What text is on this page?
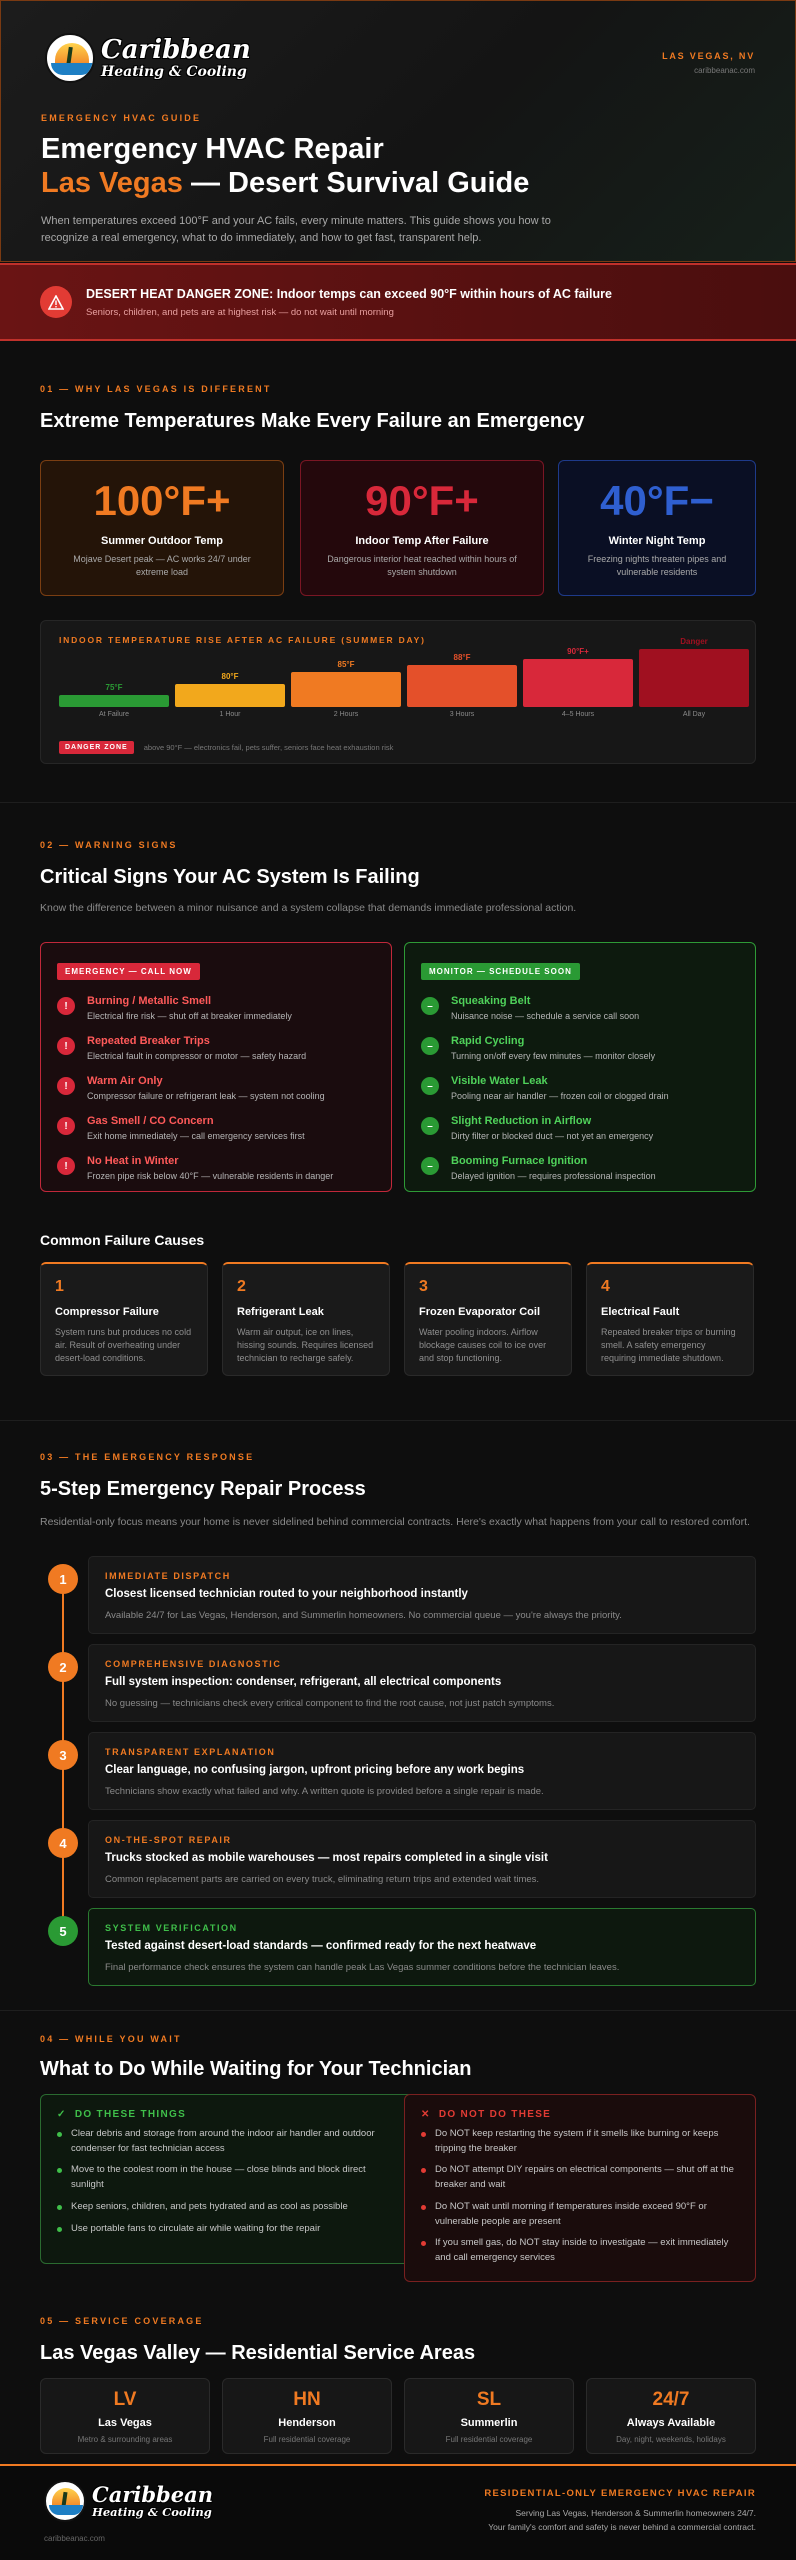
Caribbean
Heating & Cooling
LAS VEGAS, NV
caribbeanac.com
EMERGENCY HVAC GUIDE
Emergency HVAC Repair
Las Vegas — Desert Survival Guide

When temperatures exceed 100°F and your AC fails, every minute matters. This guide shows you how to recognize a real emergency, what to do immediately, and how to get fast, transparent help.

DESERT HEAT DANGER ZONE: Indoor temps can exceed 90°F within hours of AC failure
Seniors, children, and pets are at highest risk — do not wait until morning
01 — WHY LAS VEGAS IS DIFFERENT
Extreme Temperatures Make Every Failure an Emergency
100°F+
Summer Outdoor Temp
Mojave Desert peak — AC works 24/7 under extreme load
90°F+
Indoor Temp After Failure
Dangerous interior heat reached within hours of system shutdown
40°F−
Winter Night Temp
Freezing nights threaten pipes and vulnerable residents
INDOOR TEMPERATURE RISE AFTER AC FAILURE (SUMMER DAY)
75°F
At Failure
80°F
1 Hour
85°F
2 Hours
88°F
3 Hours
90°F+
4–5 Hours
Danger
All Day
DANGER ZONE	above 90°F — electronics fail, pets suffer, seniors face heat exhaustion risk
02 — WARNING SIGNS
Critical Signs Your AC System Is Failing
Know the difference between a minor nuisance and a system collapse that demands immediate professional action.
EMERGENCY — CALL NOW
!	Burning / Metallic Smell
Electrical fire risk — shut off at breaker immediately
!	Repeated Breaker Trips
Electrical fault in compressor or motor — safety hazard
!	Warm Air Only
Compressor failure or refrigerant leak — system not cooling
!	Gas Smell / CO Concern
Exit home immediately — call emergency services first
!	No Heat in Winter
Frozen pipe risk below 40°F — vulnerable residents in danger
MONITOR — SCHEDULE SOON
–	Squeaking Belt
Nuisance noise — schedule a service call soon
–	Rapid Cycling
Turning on/off every few minutes — monitor closely
–	Visible Water Leak
Pooling near air handler — frozen coil or clogged drain
–	Slight Reduction in Airflow
Dirty filter or blocked duct — not yet an emergency
–	Booming Furnace Ignition
Delayed ignition — requires professional inspection
Common Failure Causes
1
Compressor Failure
System runs but produces no cold air. Result of overheating under desert-load conditions.
2
Refrigerant Leak
Warm air output, ice on lines, hissing sounds. Requires licensed technician to recharge safely.
3
Frozen Evaporator Coil
Water pooling indoors. Airflow blockage causes coil to ice over and stop functioning.
4
Electrical Fault
Repeated breaker trips or burning smell. A safety emergency requiring immediate shutdown.
03 — THE EMERGENCY RESPONSE
5-Step Emergency Repair Process
Residential-only focus means your home is never sidelined behind commercial contracts. Here's exactly what happens from your call to restored comfort.
1	IMMEDIATE DISPATCH
Closest licensed technician routed to your neighborhood instantly
Available 24/7 for Las Vegas, Henderson, and Summerlin homeowners. No commercial queue — you're always the priority.
2	COMPREHENSIVE DIAGNOSTIC
Full system inspection: condenser, refrigerant, all electrical components
No guessing — technicians check every critical component to find the root cause, not just patch symptoms.
3	TRANSPARENT EXPLANATION
Clear language, no confusing jargon, upfront pricing before any work begins
Technicians show exactly what failed and why. A written quote is provided before a single repair is made.
4	ON-THE-SPOT REPAIR
Trucks stocked as mobile warehouses — most repairs completed in a single visit
Common replacement parts are carried on every truck, eliminating return trips and extended wait times.
5	SYSTEM VERIFICATION
Tested against desert-load standards — confirmed ready for the next heatwave
Final performance check ensures the system can handle peak Las Vegas summer conditions before the technician leaves.
04 — WHILE YOU WAIT
What to Do While Waiting for Your Technician
✓ DO THESE THINGS
Clear debris and storage from around the indoor air handler and outdoor condenser for fast technician access
Move to the coolest room in the house — close blinds and block direct sunlight
Keep seniors, children, and pets hydrated and as cool as possible
Use portable fans to circulate air while waiting for the repair
✕ DO NOT DO THESE
Do NOT keep restarting the system if it smells like burning or keeps tripping the breaker
Do NOT attempt DIY repairs on electrical components — shut off at the breaker and wait
Do NOT wait until morning if temperatures inside exceed 90°F or vulnerable people are present
If you smell gas, do NOT stay inside to investigate — exit immediately and call emergency services
05 — SERVICE COVERAGE
Las Vegas Valley — Residential Service Areas
LV
Las Vegas
Metro & surrounding areas
HN
Henderson
Full residential coverage
SL
Summerlin
Full residential coverage
24/7
Always Available
Day, night, weekends, holidays
Caribbean
Heating & Cooling
caribbeanac.com
RESIDENTIAL-ONLY EMERGENCY HVAC REPAIR
Serving Las Vegas, Henderson & Summerlin homeowners 24/7.
Your family's comfort and safety is never behind a commercial contract.
